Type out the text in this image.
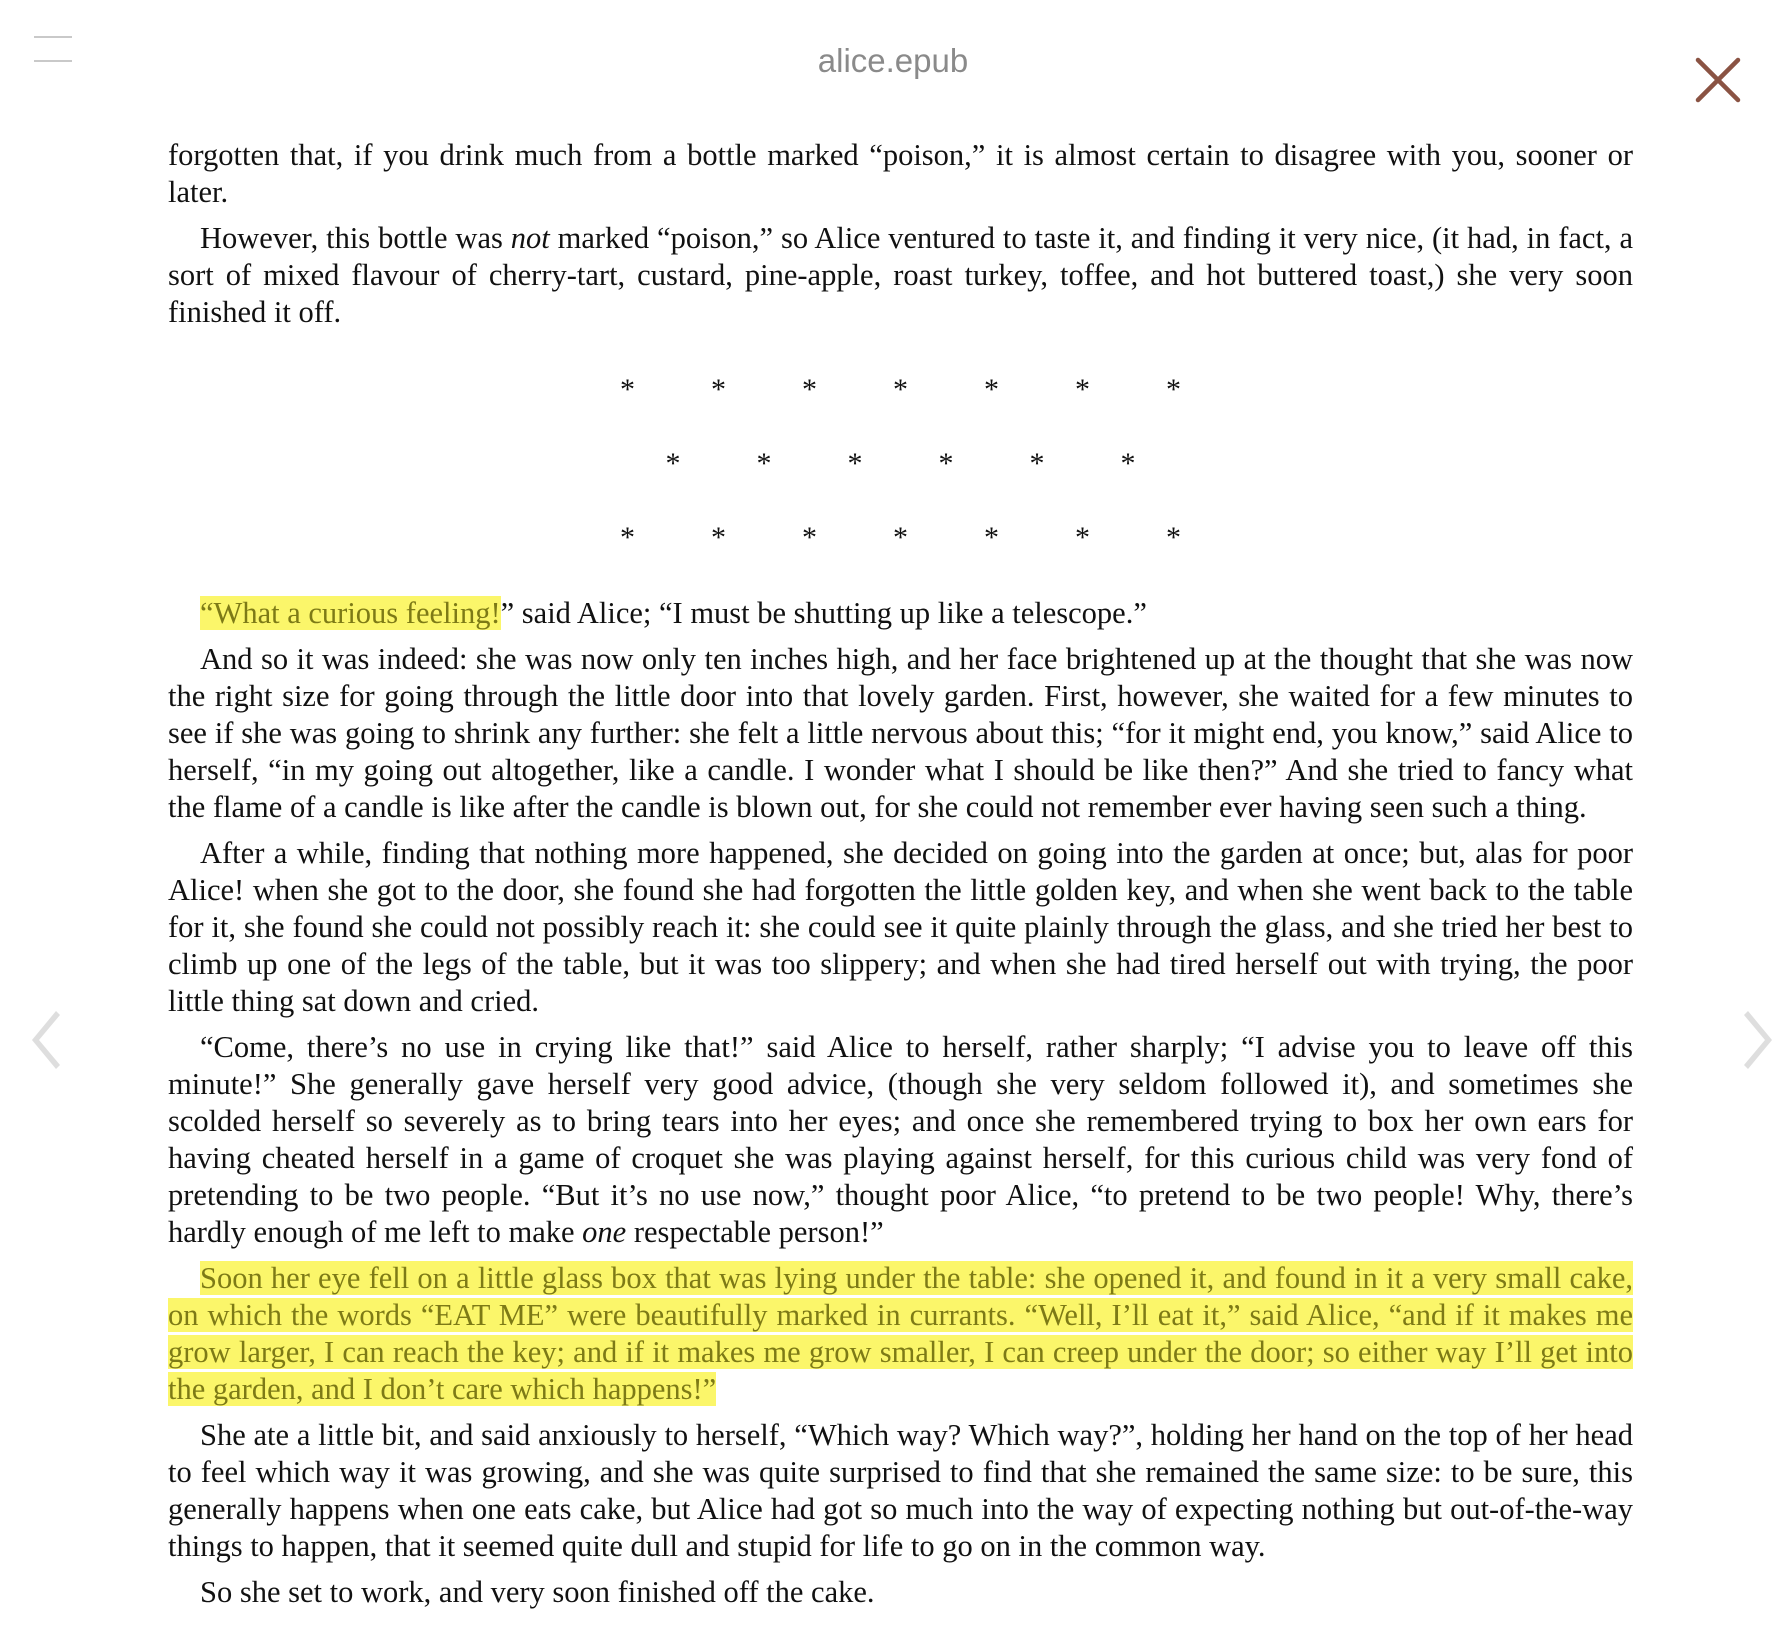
alice.epub

forgotten that, if you drink much from a bottle marked “poison,” it is almost certain to disagree with you, sooner or later.

However, this bottle was not marked “poison,” so Alice ventured to taste it, and finding it very nice, (it had, in fact, a sort of mixed flavour of cherry-tart, custard, pine-apple, roast turkey, toffee, and hot buttered toast,) she very soon finished it off.

*	*	*	*	*	*	*
*	*	*	*	*	*
*	*	*	*	*	*	*

“What a curious feeling!” said Alice; “I must be shutting up like a telescope.”

And so it was indeed: she was now only ten inches high, and her face brightened up at the thought that she was now the right size for going through the little door into that lovely garden. First, however, she waited for a few minutes to see if she was going to shrink any further: she felt a little nervous about this; “for it might end, you know,” said Alice to herself, “in my going out altogether, like a candle. I wonder what I should be like then?” And she tried to fancy what the flame of a candle is like after the candle is blown out, for she could not remember ever having seen such a thing.

After a while, finding that nothing more happened, she decided on going into the garden at once; but, alas for poor Alice! when she got to the door, she found she had forgotten the little golden key, and when she went back to the table for it, she found she could not possibly reach it: she could see it quite plainly through the glass, and she tried her best to climb up one of the legs of the table, but it was too slippery; and when she had tired herself out with trying, the poor little thing sat down and cried.

“Come, there’s no use in crying like that!” said Alice to herself, rather sharply; “I advise you to leave off this minute!” She generally gave herself very good advice, (though she very seldom followed it), and sometimes she scolded herself so severely as to bring tears into her eyes; and once she remembered trying to box her own ears for having cheated herself in a game of croquet she was playing against herself, for this curious child was very fond of pretending to be two people. “But it’s no use now,” thought poor Alice, “to pretend to be two people! Why, there’s hardly enough of me left to make one respectable person!”

Soon her eye fell on a little glass box that was lying under the table: she opened it, and found in it a very small cake, on which the words “EAT ME” were beautifully marked in currants. “Well, I’ll eat it,” said Alice, “and if it makes me grow larger, I can reach the key; and if it makes me grow smaller, I can creep under the door; so either way I’ll get into the garden, and I don’t care which happens!”

She ate a little bit, and said anxiously to herself, “Which way? Which way?”, holding her hand on the top of her head to feel which way it was growing, and she was quite surprised to find that she remained the same size: to be sure, this generally happens when one eats cake, but Alice had got so much into the way of expecting nothing but out-of-the-way things to happen, that it seemed quite dull and stupid for life to go on in the common way.

So she set to work, and very soon finished off the cake.
